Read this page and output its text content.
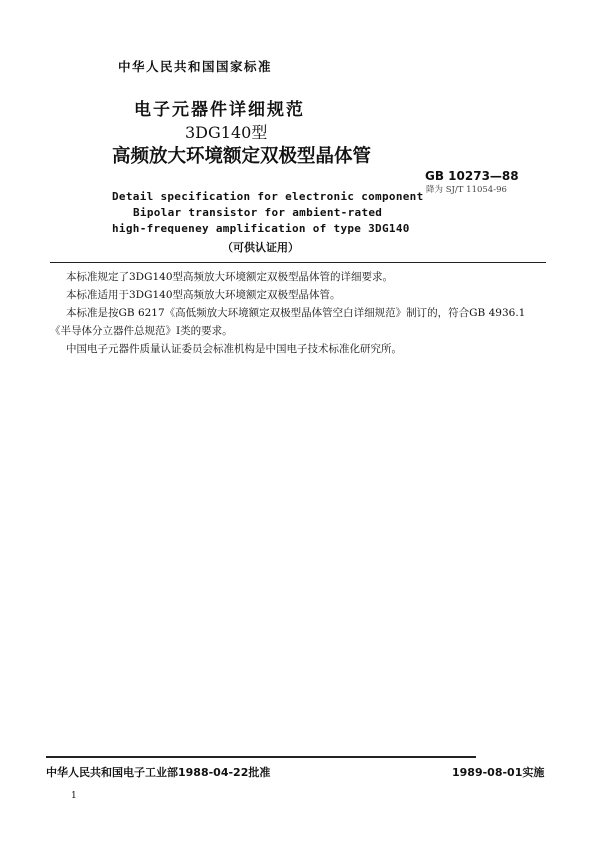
中华人民共和国国家标准
电子元器件详细规范
3DG140型
高频放大环境额定双极型晶体管
GB 10273—88
降为 SJ/T 11054-96
Detail specification for electronic component
Bipolar transistor for ambient-rated
high-frequeney amplification of type 3DG140
（可供认证用）
本标准规定了3DG140型高频放大环境额定双极型晶体管的详细要求。
本标准适用于3DG140型高频放大环境额定双极型晶体管。
本标准是按GB 6217《高低频放大环境额定双极型晶体管空白详细规范》制订的，符合GB 4936.1
《半导体分立器件总规范》Ⅰ类的要求。
中国电子元器件质量认证委员会标准机构是中国电子技术标准化研究所。
中华人民共和国电子工业部1988-04-22批准	1989-08-01实施
1
